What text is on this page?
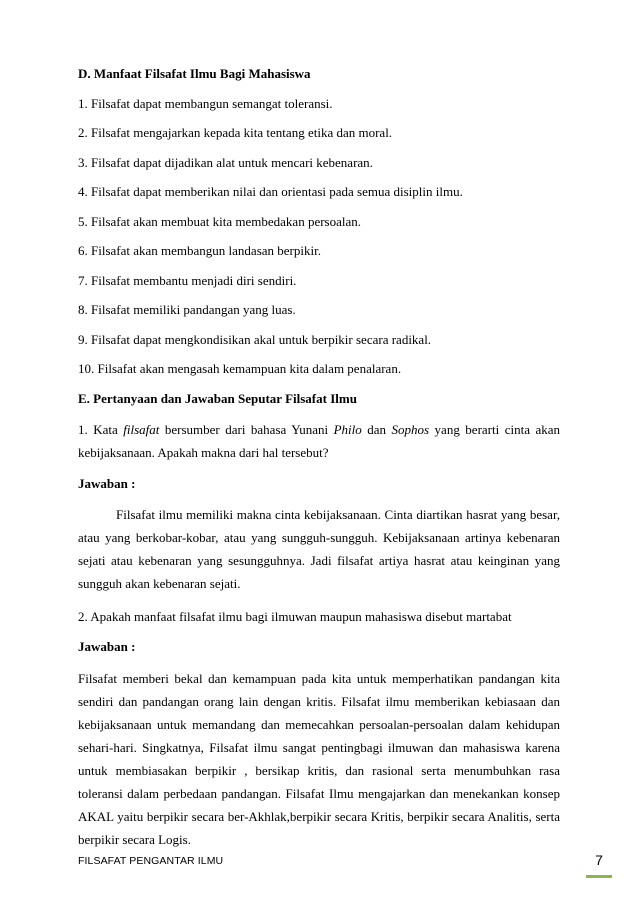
D. Manfaat Filsafat Ilmu Bagi Mahasiswa

1. Filsafat dapat membangun semangat toleransi.

2. Filsafat mengajarkan kepada kita tentang etika dan moral.

3. Filsafat dapat dijadikan alat untuk mencari kebenaran.

4. Filsafat dapat memberikan nilai dan orientasi pada semua disiplin ilmu.

5. Filsafat akan membuat kita membedakan persoalan.

6. Filsafat akan membangun landasan berpikir.

7. Filsafat membantu menjadi diri sendiri.

8. Filsafat memiliki pandangan yang luas.

9. Filsafat dapat mengkondisikan akal untuk berpikir secara radikal.

10. Filsafat akan mengasah kemampuan kita dalam penalaran.

E. Pertanyaan dan Jawaban Seputar Filsafat Ilmu

1. Kata filsafat bersumber dari bahasa Yunani Philo dan Sophos yang berarti cinta akan kebijaksanaan. Apakah makna dari hal tersebut?

Jawaban :

Filsafat ilmu memiliki makna cinta kebijaksanaan. Cinta diartikan hasrat yang besar, atau yang berkobar-kobar, atau yang sungguh-sungguh. Kebijaksanaan artinya kebenaran sejati atau kebenaran yang sesungguhnya. Jadi filsafat artiya hasrat atau keinginan yang sungguh akan kebenaran sejati.

2. Apakah manfaat filsafat ilmu bagi ilmuwan maupun mahasiswa disebut martabat

Jawaban :

Filsafat memberi bekal dan kemampuan pada kita untuk memperhatikan pandangan kita sendiri dan pandangan orang lain dengan kritis. Filsafat ilmu memberikan kebiasaan dan kebijaksanaan untuk memandang dan memecahkan persoalan-persoalan dalam kehidupan sehari-hari. Singkatnya, Filsafat ilmu sangat pentingbagi ilmuwan dan mahasiswa karena untuk membiasakan berpikir , bersikap kritis, dan rasional serta menumbuhkan rasa toleransi dalam perbedaan pandangan. Filsafat Ilmu mengajarkan dan menekankan konsep AKAL yaitu berpikir secara ber-Akhlak,berpikir secara Kritis, berpikir secara Analitis, serta berpikir secara Logis.

FILSAFAT PENGANTAR ILMU	7
